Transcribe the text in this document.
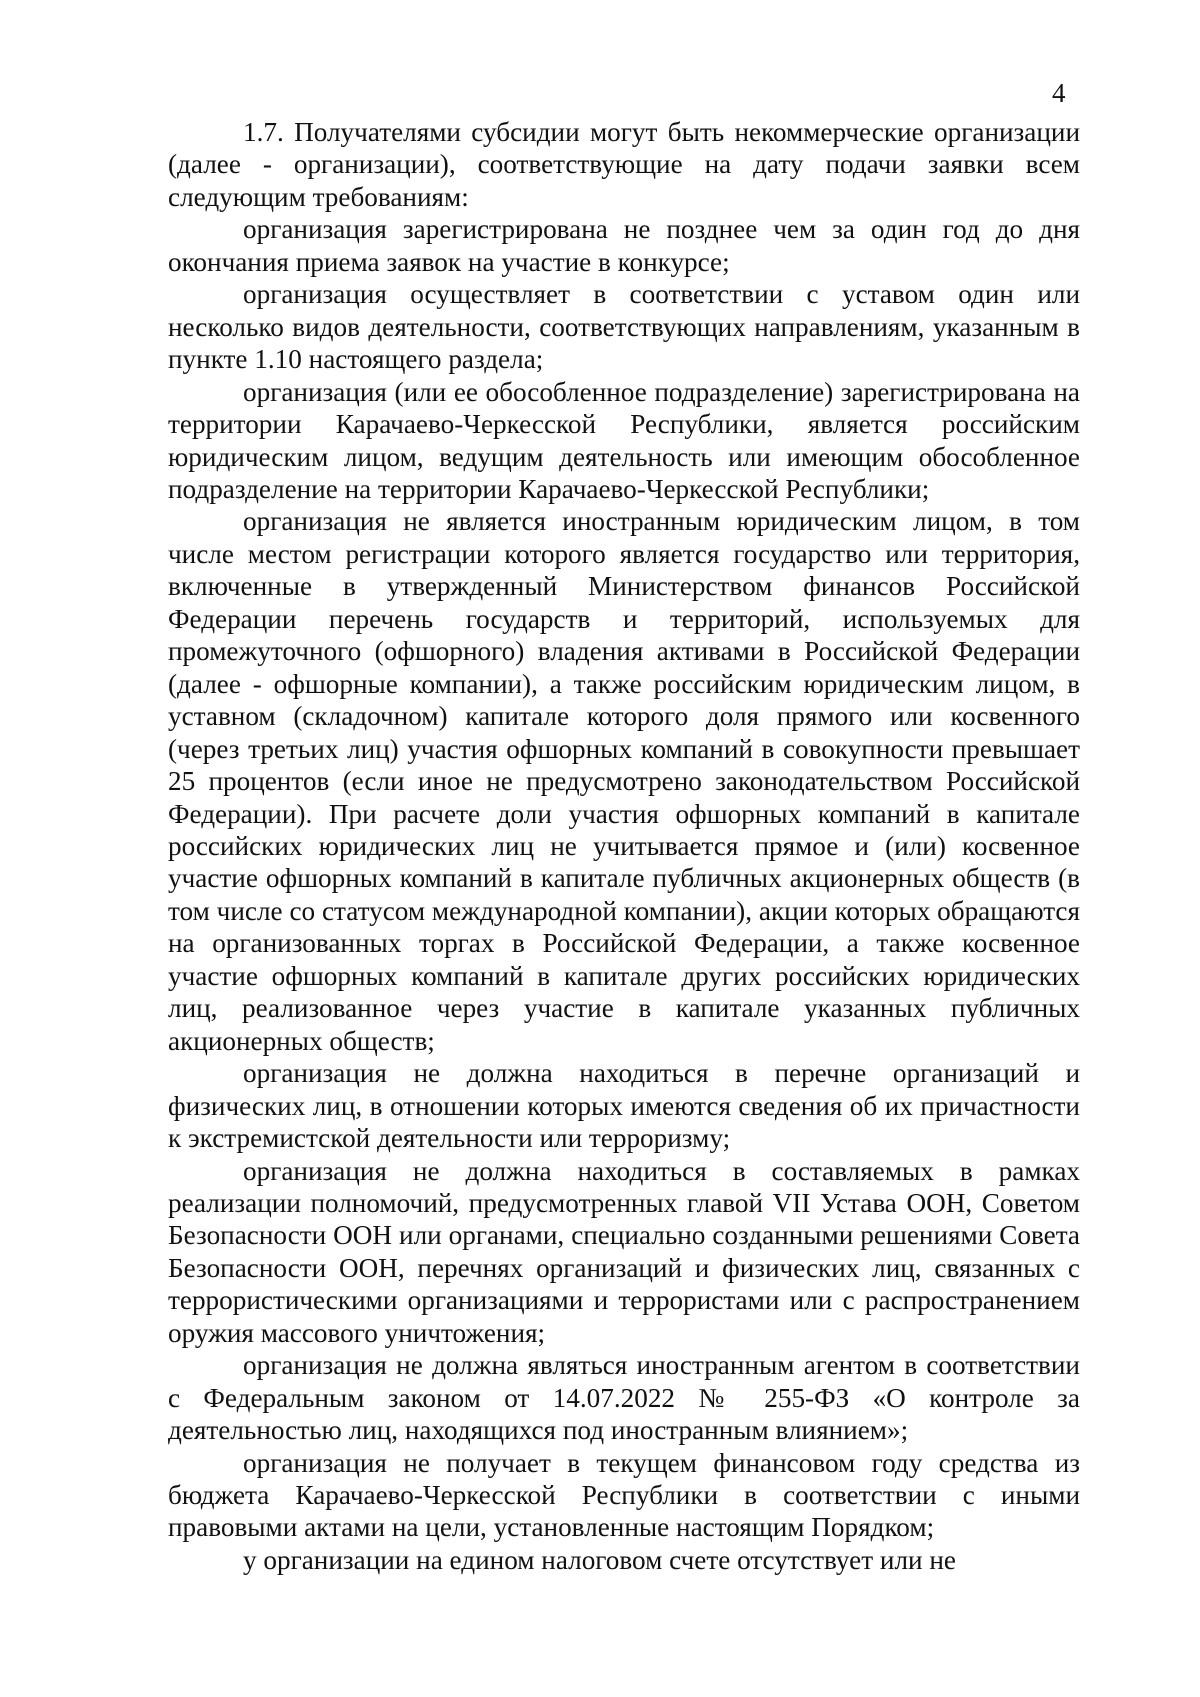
4

1.7. Получателями субсидии могут быть некоммерческие организации (далее - организации), соответствующие на дату подачи заявки всем следующим требованиям:

организация зарегистрирована не позднее чем за один год до дня окончания приема заявок на участие в конкурсе;

организация осуществляет в соответствии с уставом один или несколько видов деятельности, соответствующих направлениям, указанным в пункте 1.10 настоящего раздела;

организация (или ее обособленное подразделение) зарегистрирована на территории Карачаево-Черкесской Республики, является российским юридическим лицом, ведущим деятельность или имеющим обособленное подразделение на территории Карачаево-Черкесской Республики;

организация не является иностранным юридическим лицом, в том числе местом регистрации которого является государство или территория, включенные в утвержденный Министерством финансов Российской Федерации перечень государств и территорий, используемых для промежуточного (офшорного) владения активами в Российской Федерации (далее - офшорные компании), а также российским юридическим лицом, в уставном (складочном) капитале которого доля прямого или косвенного (через третьих лиц) участия офшорных компаний в совокупности превышает 25 процентов (если иное не предусмотрено законодательством Российской Федерации). При расчете доли участия офшорных компаний в капитале российских юридических лиц не учитывается прямое и (или) косвенное участие офшорных компаний в капитале публичных акционерных обществ (в том числе со статусом международной компании), акции которых обращаются на организованных торгах в Российской Федерации, а также косвенное участие офшорных компаний в капитале других российских юридических лиц, реализованное через участие в капитале указанных публичных акционерных обществ;

организация не должна находиться в перечне организаций и физических лиц, в отношении которых имеются сведения об их причастности к экстремистской деятельности или терроризму;

организация не должна находиться в составляемых в рамках реализации полномочий, предусмотренных главой VII Устава ООН, Советом Безопасности ООН или органами, специально созданными решениями Совета Безопасности ООН, перечнях организаций и физических лиц, связанных с террористическими организациями и террористами или с распространением оружия массового уничтожения;

организация не должна являться иностранным агентом в соответствии с Федеральным законом от 14.07.2022 № 255-ФЗ «О контроле за деятельностью лиц, находящихся под иностранным влиянием»;

организация не получает в текущем финансовом году средства из бюджета Карачаево-Черкесской Республики в соответствии с иными правовыми актами на цели, установленные настоящим Порядком;

у организации на едином налоговом счете отсутствует или не
